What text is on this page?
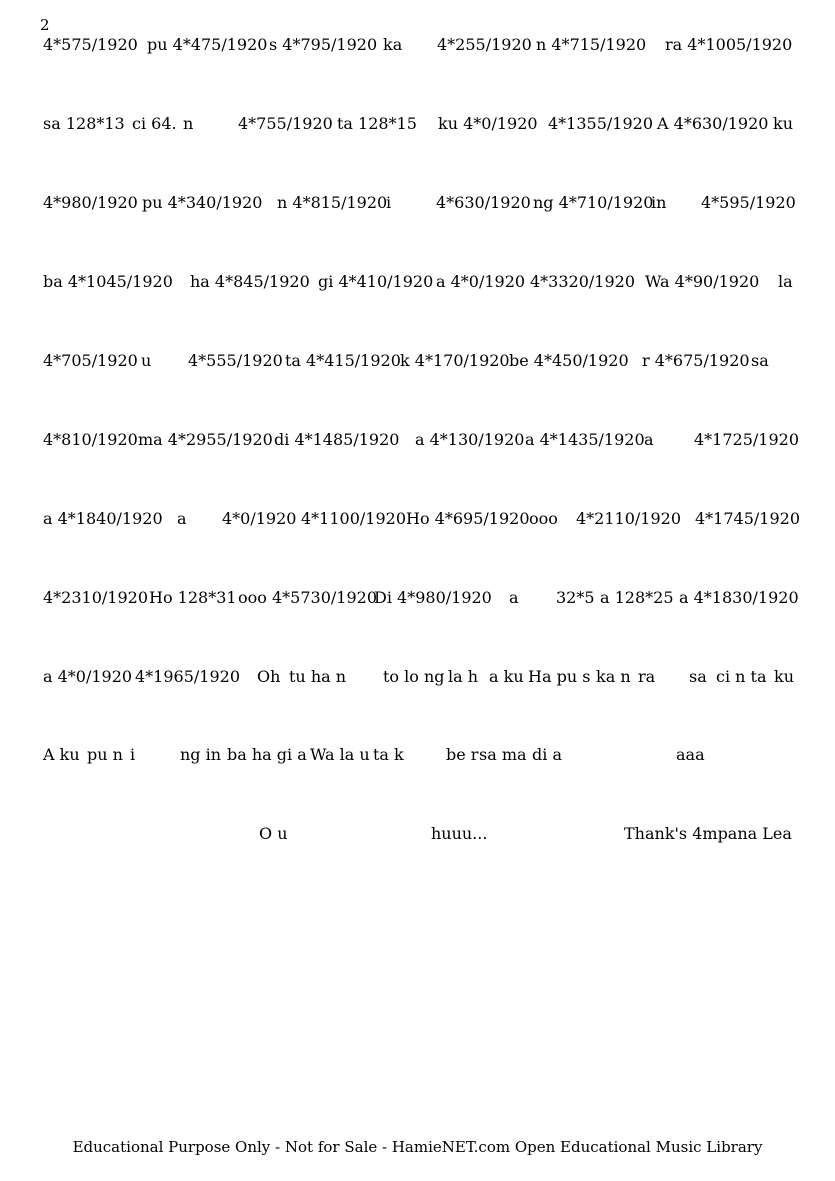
2
4*575/1920 pu 4*475/1920 s 4*795/1920 ka 4*255/1920 n 4*715/1920 ra 4*1005/1920
sa 128*13 ci 64. n	4*755/1920 ta 128*15 ku 4*0/1920 4*1355/1920 A 4*630/1920 ku
4*980/1920 pu 4*340/1920 n 4*815/1920
i	4*630/1920 ng 4*710/1920
in 4*595/1920
ba 4*1045/1920 ha 4*845/1920 gi 4*410/1920 a 4*0/1920 4*3320/1920 Wa 4*90/1920 la
4*705/1920 u 4*555/1920 ta 4*415/1920 k 4*170/1920 be 4*450/1920 r 4*675/1920 sa
4*810/1920 ma 4*2955/1920 di 4*1485/1920 a 4*130/1920 a 4*1435/1920 a	4*1725/1920
a 4*1840/1920 a 4*0/1920 4*1100/1920 Ho 4*695/1920 ooo 4*2110/1920 4*1745/1920
4*2310/1920 Ho 128*31 ooo 4*5730/1920
Di 4*980/1920 a 32*5 a 128*25 a 4*1830/1920
a 4*0/1920 4*1965/1920 Oh tu ha n to lo ng la h a ku Ha pu s ka n ra sa ci n ta ku
A ku pu n i	ng in ba ha gi a Wa la u ta k	be r sa ma di a	aaa
O u	huuu...	Thank's 4mpana Lea
Educational Purpose Only - Not for Sale - HamieNET.com Open Educational Music Library
